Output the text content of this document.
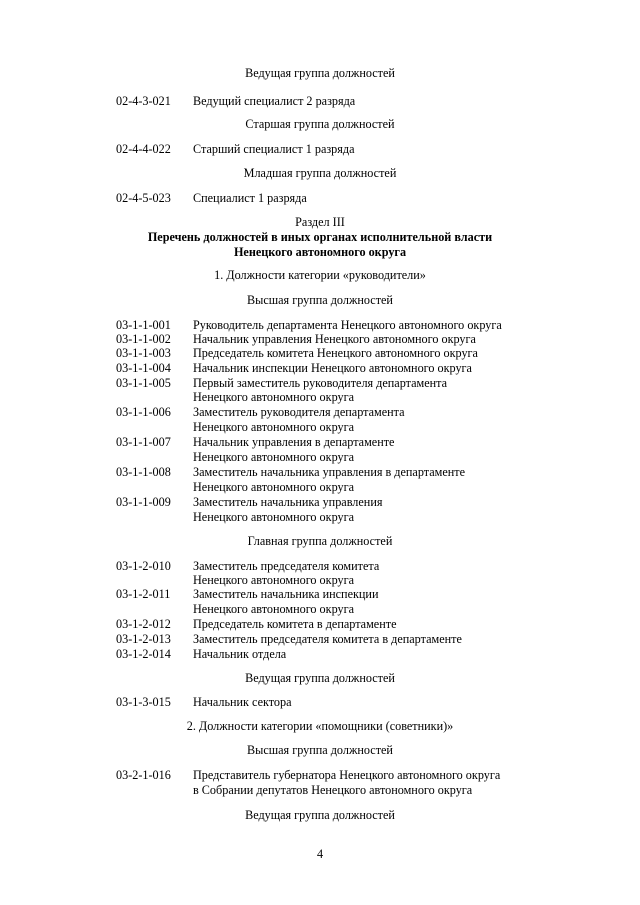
Ведущая группа должностей
02-4-3-021 Ведущий специалист 2 разряда
Старшая группа должностей
02-4-4-022 Старший специалист 1 разряда
Младшая группа должностей
02-4-5-023 Специалист 1 разряда
Раздел III
Перечень должностей в иных органах исполнительной власти
Ненецкого автономного округа
1. Должности категории «руководители»
Высшая группа должностей
03-1-1-001 Руководитель департамента Ненецкого автономного округа
03-1-1-002 Начальник управления Ненецкого автономного округа
03-1-1-003 Председатель комитета Ненецкого автономного округа
03-1-1-004 Начальник инспекции Ненецкого автономного округа
03-1-1-005 Первый заместитель руководителя департамента
Ненецкого автономного округа
03-1-1-006 Заместитель руководителя департамента
Ненецкого автономного округа
03-1-1-007 Начальник управления в департаменте
Ненецкого автономного округа
03-1-1-008 Заместитель начальника управления в департаменте
Ненецкого автономного округа
03-1-1-009 Заместитель начальника управления
Ненецкого автономного округа
Главная группа должностей
03-1-2-010 Заместитель председателя комитета
Ненецкого автономного округа
03-1-2-011 Заместитель начальника инспекции
Ненецкого автономного округа
03-1-2-012 Председатель комитета в департаменте
03-1-2-013 Заместитель председателя комитета в департаменте
03-1-2-014 Начальник отдела
Ведущая группа должностей
03-1-3-015 Начальник сектора
2. Должности категории «помощники (советники)»
Высшая группа должностей
03-2-1-016 Представитель губернатора Ненецкого автономного округа
в Собрании депутатов Ненецкого автономного округа
Ведущая группа должностей
4
